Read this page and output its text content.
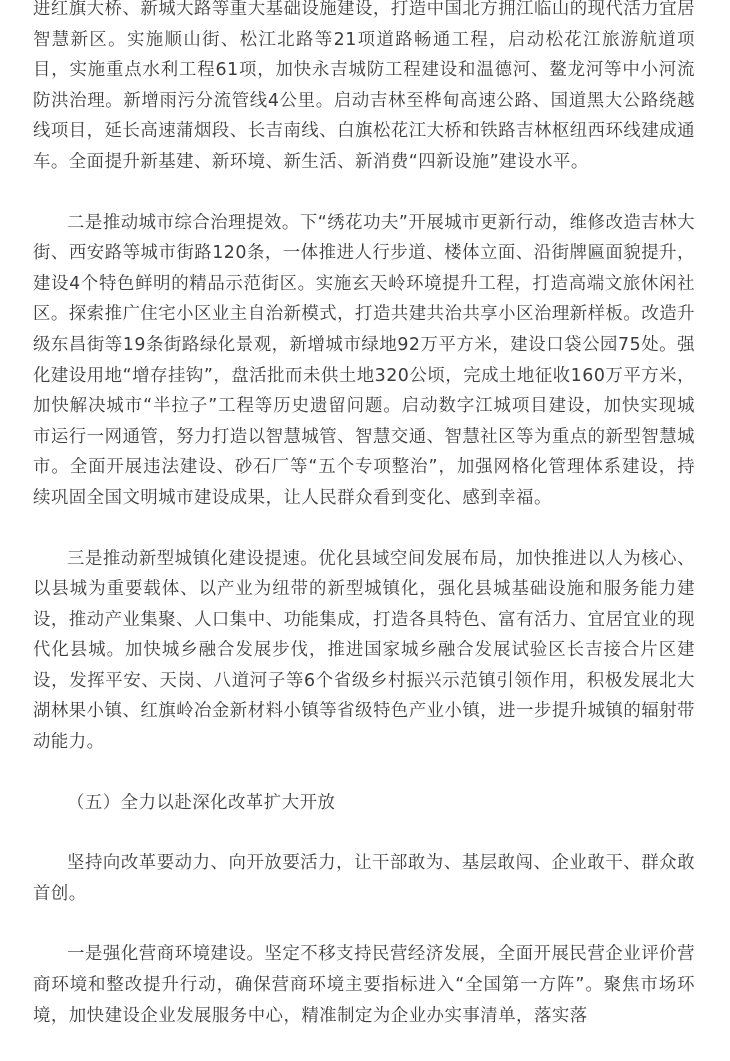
进红旗大桥、新城大路等重大基础设施建设，打造中国北方拥江临山的现代活力宜居智慧新区。实施顺山街、松江北路等21项道路畅通工程，启动松花江旅游航道项目，实施重点水利工程61项，加快永吉城防工程建设和温德河、鳌龙河等中小河流防洪治理。新增雨污分流管线4公里。启动吉林至桦甸高速公路、国道黑大公路绕越线项目，延长高速蒲烟段、长吉南线、白旗松花江大桥和铁路吉林枢纽西环线建成通车。全面提升新基建、新环境、新生活、新消费“四新设施”建设水平。

二是推动城市综合治理提效。下“绣花功夫”开展城市更新行动，维修改造吉林大街、西安路等城市街路120条，一体推进人行步道、楼体立面、沿街牌匾面貌提升，建设4个特色鲜明的精品示范街区。实施玄天岭环境提升工程，打造高端文旅休闲社区。探索推广住宅小区业主自治新模式，打造共建共治共享小区治理新样板。改造升级东昌街等19条街路绿化景观，新增城市绿地92万平方米，建设口袋公园75处。强化建设用地“增存挂钩”，盘活批而未供土地320公顷，完成土地征收160万平方米，加快解决城市“半拉子”工程等历史遗留问题。启动数字江城项目建设，加快实现城市运行一网通管，努力打造以智慧城管、智慧交通、智慧社区等为重点的新型智慧城市。全面开展违法建设、砂石厂等“五个专项整治”，加强网格化管理体系建设，持续巩固全国文明城市建设成果，让人民群众看到变化、感到幸福。

三是推动新型城镇化建设提速。优化县域空间发展布局，加快推进以人为核心、以县城为重要载体、以产业为纽带的新型城镇化，强化县城基础设施和服务能力建设，推动产业集聚、人口集中、功能集成，打造各具特色、富有活力、宜居宜业的现代化县城。加快城乡融合发展步伐，推进国家城乡融合发展试验区长吉接合片区建设，发挥平安、天岗、八道河子等6个省级乡村振兴示范镇引领作用，积极发展北大湖林果小镇、红旗岭冶金新材料小镇等省级特色产业小镇，进一步提升城镇的辐射带动能力。

（五）全力以赴深化改革扩大开放

坚持向改革要动力、向开放要活力，让干部敢为、基层敢闯、企业敢干、群众敢首创。

一是强化营商环境建设。坚定不移支持民营经济发展，全面开展民营企业评价营商环境和整改提升行动，确保营商环境主要指标进入“全国第一方阵”。聚焦市场环境，加快建设企业发展服务中心，精准制定为企业办实事清单，落实落
